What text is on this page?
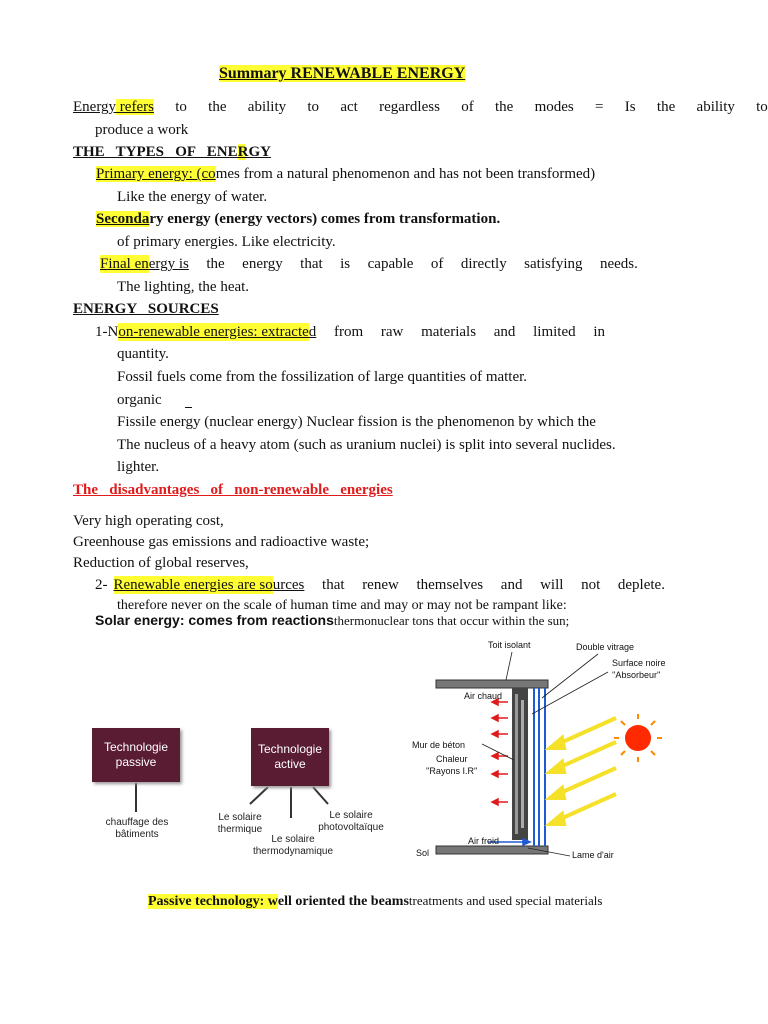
Summary RENEWABLE ENERGY
Energy refers to the ability to act regardless of the modes = Is the ability to
produce a work
THE   TYPES   OF   ENERGY
Primary energy: (comes from a natural phenomenon and has not been transformed)
Like the energy of water.
Secondary energy (energy vectors) comes from transformation.
of primary energies. Like electricity.
Final en ergy is the energy that is capable of directly satisfying needs.
The lighting, the heat.
ENERGY   SOURCES
1-N on-renewable energies: extracte d from raw materials and limited in
quantity.
Fossil fuels come from the fossilization of large quantities of matter.
organic
Fissile energy (nuclear energy) Nuclear fission is the phenomenon by which the
The nucleus of a heavy atom (such as uranium nuclei) is split into several nuclides.
lighter.
The   disadvantages   of   non-renewable   energies
Very high operating cost,
Greenhouse gas emissions and radioactive waste;
Reduction of global reserves,
2- Renewable energies are so urces that renew themselves and will not deplete.
therefore never on the scale of human time and may or may not be rampant like:
Solar energy: comes from reactionsthermonuclear tons that occur within the sun;
Technologie passive
Technologie active
chauffage des bâtiments
Le solaire thermique
Le solaire thermodynamique
Le solaire photovoltaïque
Toit isolant	Double vitrage
Surface noire
''Absorbeur''
Air chaud
Mur de béton
Chaleur
''Rayons I.R''
Air froid
Sol	Lame d'air
Passive technology: well oriented the beamstreatments and used special materials
